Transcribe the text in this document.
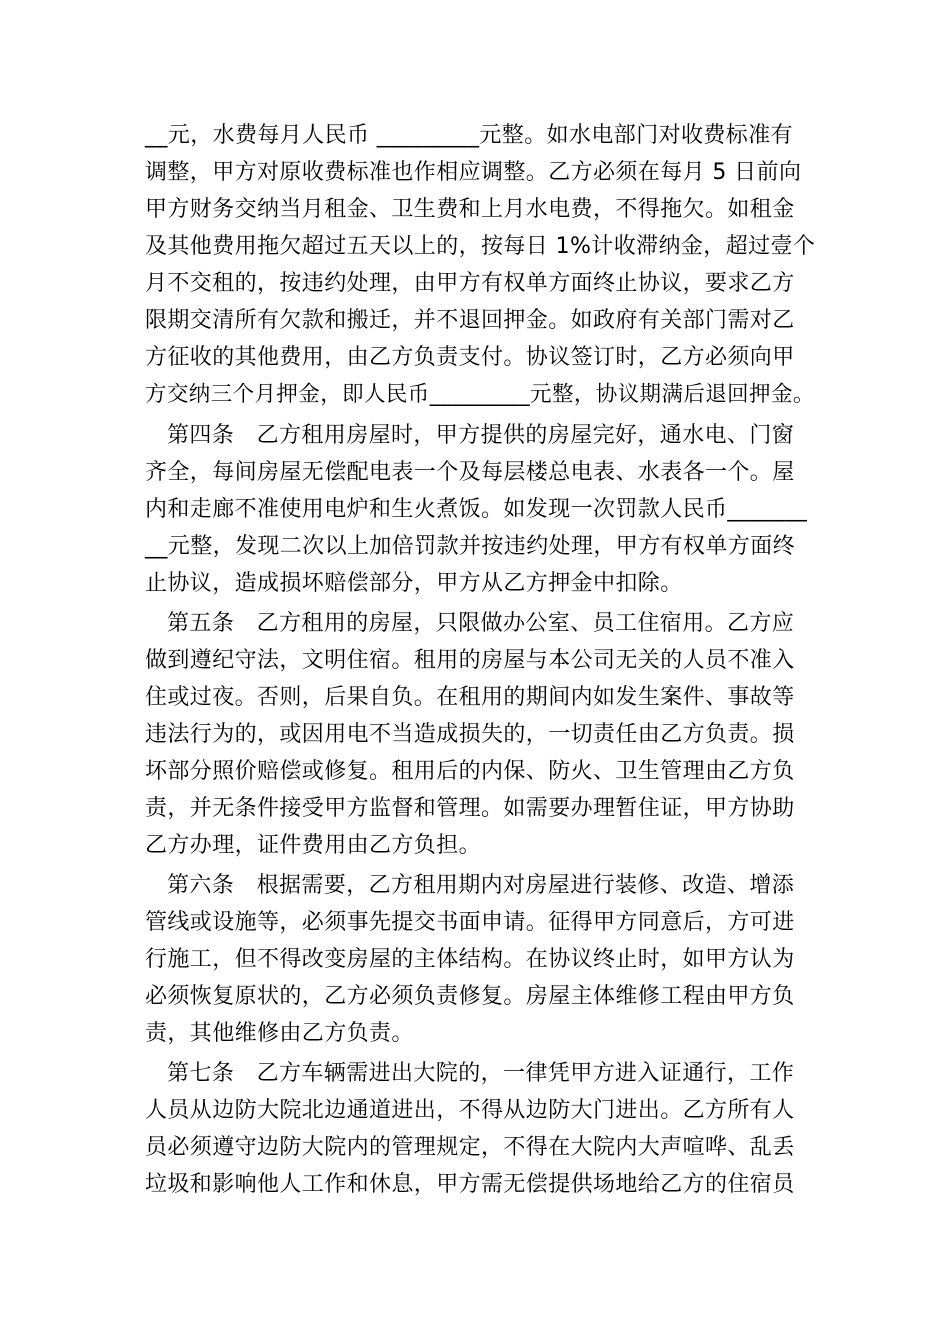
__元，水费每月人民币 _________元整。如水电部门对收费标准有
调整，甲方对原收费标准也作相应调整。乙方必须在每月 5 日前向
甲方财务交纳当月租金、卫生费和上月水电费，不得拖欠。如租金
及其他费用拖欠超过五天以上的，按每日 1%计收滞纳金，超过壹个
月不交租的，按违约处理，由甲方有权单方面终止协议，要求乙方
限期交清所有欠款和搬迁，并不退回押金。如政府有关部门需对乙
方征收的其他费用，由乙方负责支付。协议签订时，乙方必须向甲
方交纳三个月押金，即人民币_________元整，协议期满后退回押金。
第四条　乙方租用房屋时，甲方提供的房屋完好，通水电、门窗
齐全，每间房屋无偿配电表一个及每层楼总电表、水表各一个。屋
内和走廊不准使用电炉和生火煮饭。如发现一次罚款人民币_______
__元整，发现二次以上加倍罚款并按违约处理，甲方有权单方面终
止协议，造成损坏赔偿部分，甲方从乙方押金中扣除。
第五条　乙方租用的房屋，只限做办公室、员工住宿用。乙方应
做到遵纪守法，文明住宿。租用的房屋与本公司无关的人员不准入
住或过夜。否则，后果自负。在租用的期间内如发生案件、事故等
违法行为的，或因用电不当造成损失的，一切责任由乙方负责。损
坏部分照价赔偿或修复。租用后的内保、防火、卫生管理由乙方负
责，并无条件接受甲方监督和管理。如需要办理暂住证，甲方协助
乙方办理，证件费用由乙方负担。
第六条　根据需要，乙方租用期内对房屋进行装修、改造、增添
管线或设施等，必须事先提交书面申请。征得甲方同意后，方可进
行施工，但不得改变房屋的主体结构。在协议终止时，如甲方认为
必须恢复原状的，乙方必须负责修复。房屋主体维修工程由甲方负
责，其他维修由乙方负责。
第七条　乙方车辆需进出大院的，一律凭甲方进入证通行，工作
人员从边防大院北边通道进出，不得从边防大门进出。乙方所有人
员必须遵守边防大院内的管理规定，不得在大院内大声喧哗、乱丢
垃圾和影响他人工作和休息，甲方需无偿提供场地给乙方的住宿员
